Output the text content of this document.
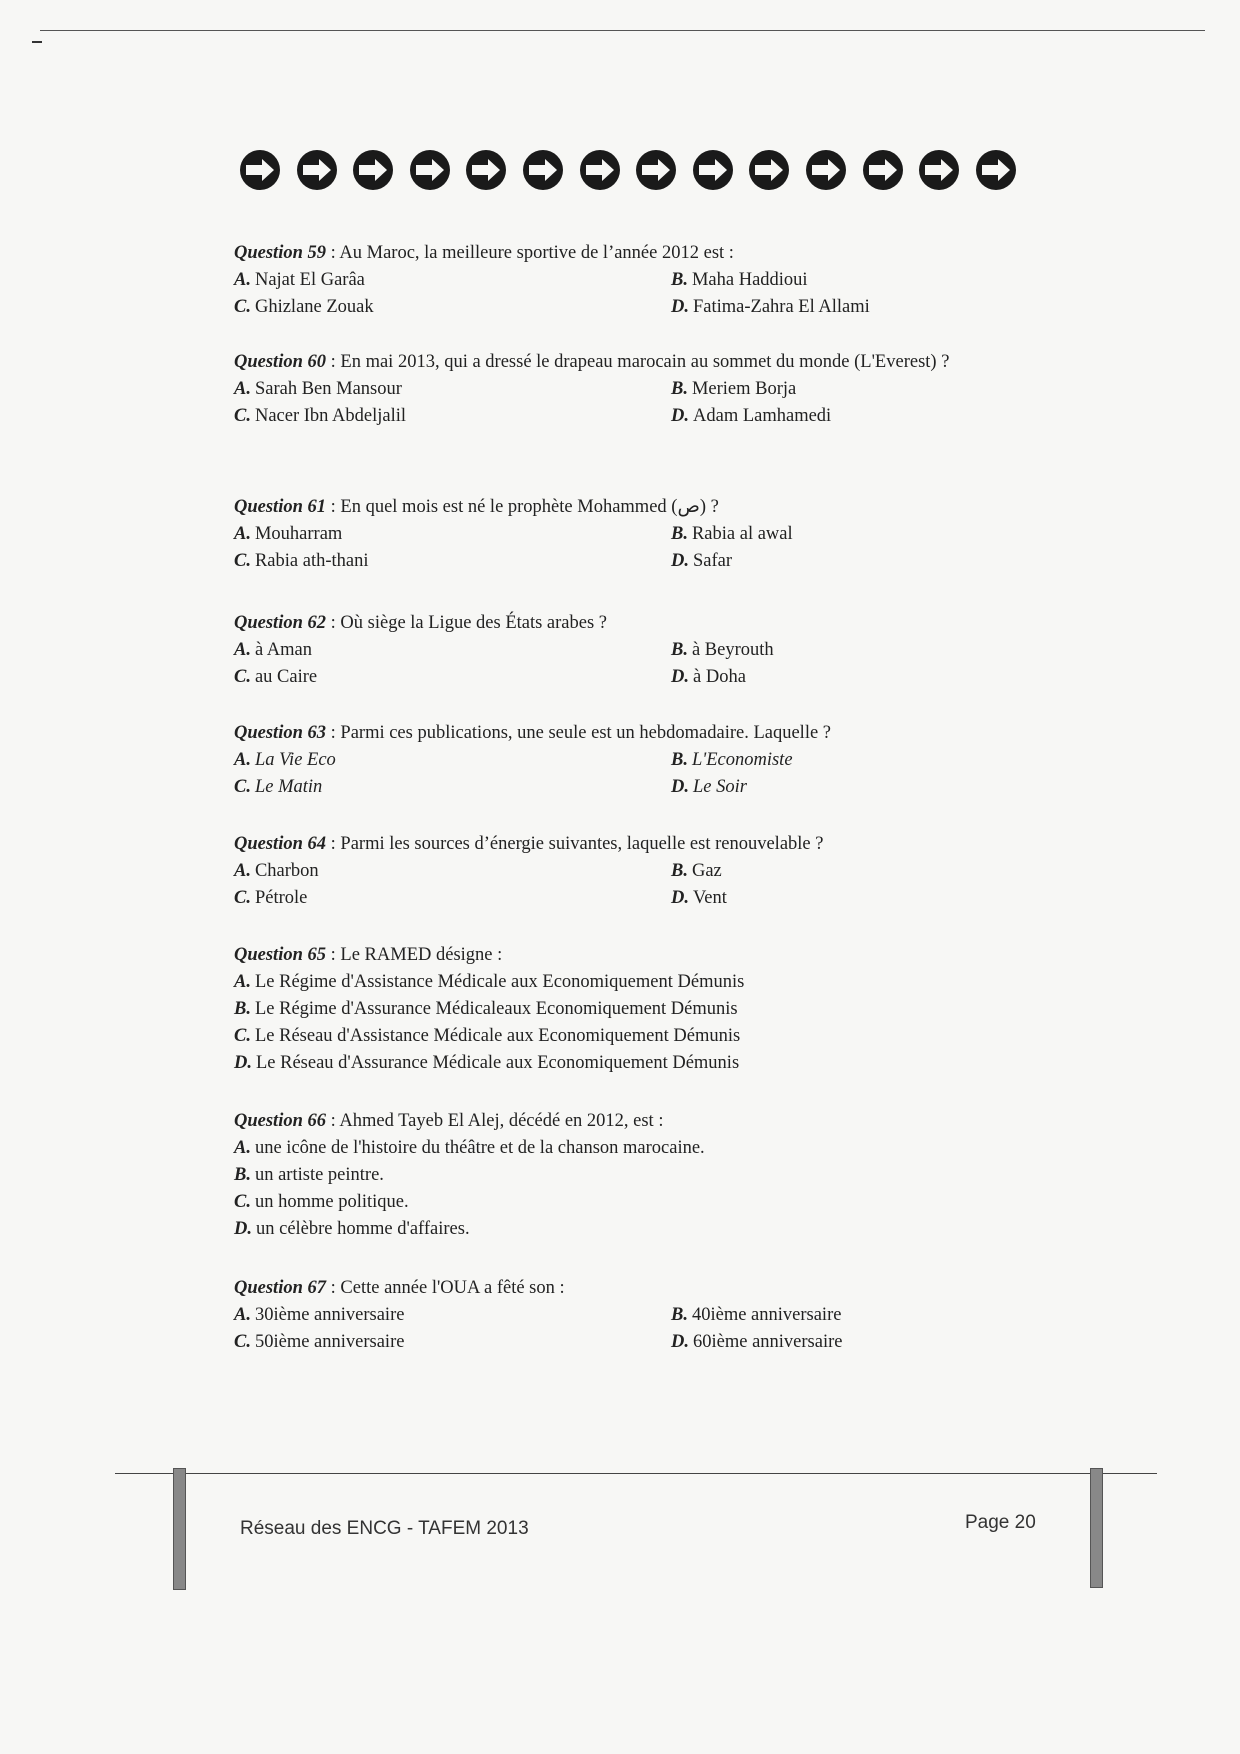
Question 59 : Au Maroc, la meilleure sportive de l’année 2012 est :
A. Najat El Garâa	B. Maha Haddioui
C. Ghizlane Zouak	D. Fatima-Zahra El Allami
Question 60 : En mai 2013, qui a dressé le drapeau marocain au sommet du monde (L'Everest) ?
A. Sarah Ben Mansour	B. Meriem Borja
C. Nacer Ibn Abdeljalil	D. Adam Lamhamedi
Question 61 : En quel mois est né le prophète Mohammed (ص) ?
A. Mouharram	B. Rabia al awal
C. Rabia ath-thani	D. Safar
Question 62 : Où siège la Ligue des États arabes ?
A. à Aman	B. à Beyrouth
C. au Caire	D. à Doha
Question 63 : Parmi ces publications, une seule est un hebdomadaire. Laquelle ?
A. La Vie Eco	B. L'Economiste
C. Le Matin	D. Le Soir
Question 64 : Parmi les sources d’énergie suivantes, laquelle est renouvelable ?
A. Charbon	B. Gaz
C. Pétrole	D. Vent
Question 65 : Le RAMED désigne :
A. Le Régime d'Assistance Médicale aux Economiquement Démunis
B. Le Régime d'Assurance Médicaleaux Economiquement Démunis
C. Le Réseau d'Assistance Médicale aux Economiquement Démunis
D. Le Réseau d'Assurance Médicale aux Economiquement Démunis
Question 66 : Ahmed Tayeb El Alej, décédé en 2012, est :
A. une icône de l'histoire du théâtre et de la chanson marocaine.
B. un artiste peintre.
C. un homme politique.
D. un célèbre homme d'affaires.
Question 67 : Cette année l'OUA a fêté son :
A. 30ième anniversaire	B. 40ième anniversaire
C. 50ième anniversaire	D. 60ième anniversaire
Réseau des ENCG - TAFEM 2013	Page 20
